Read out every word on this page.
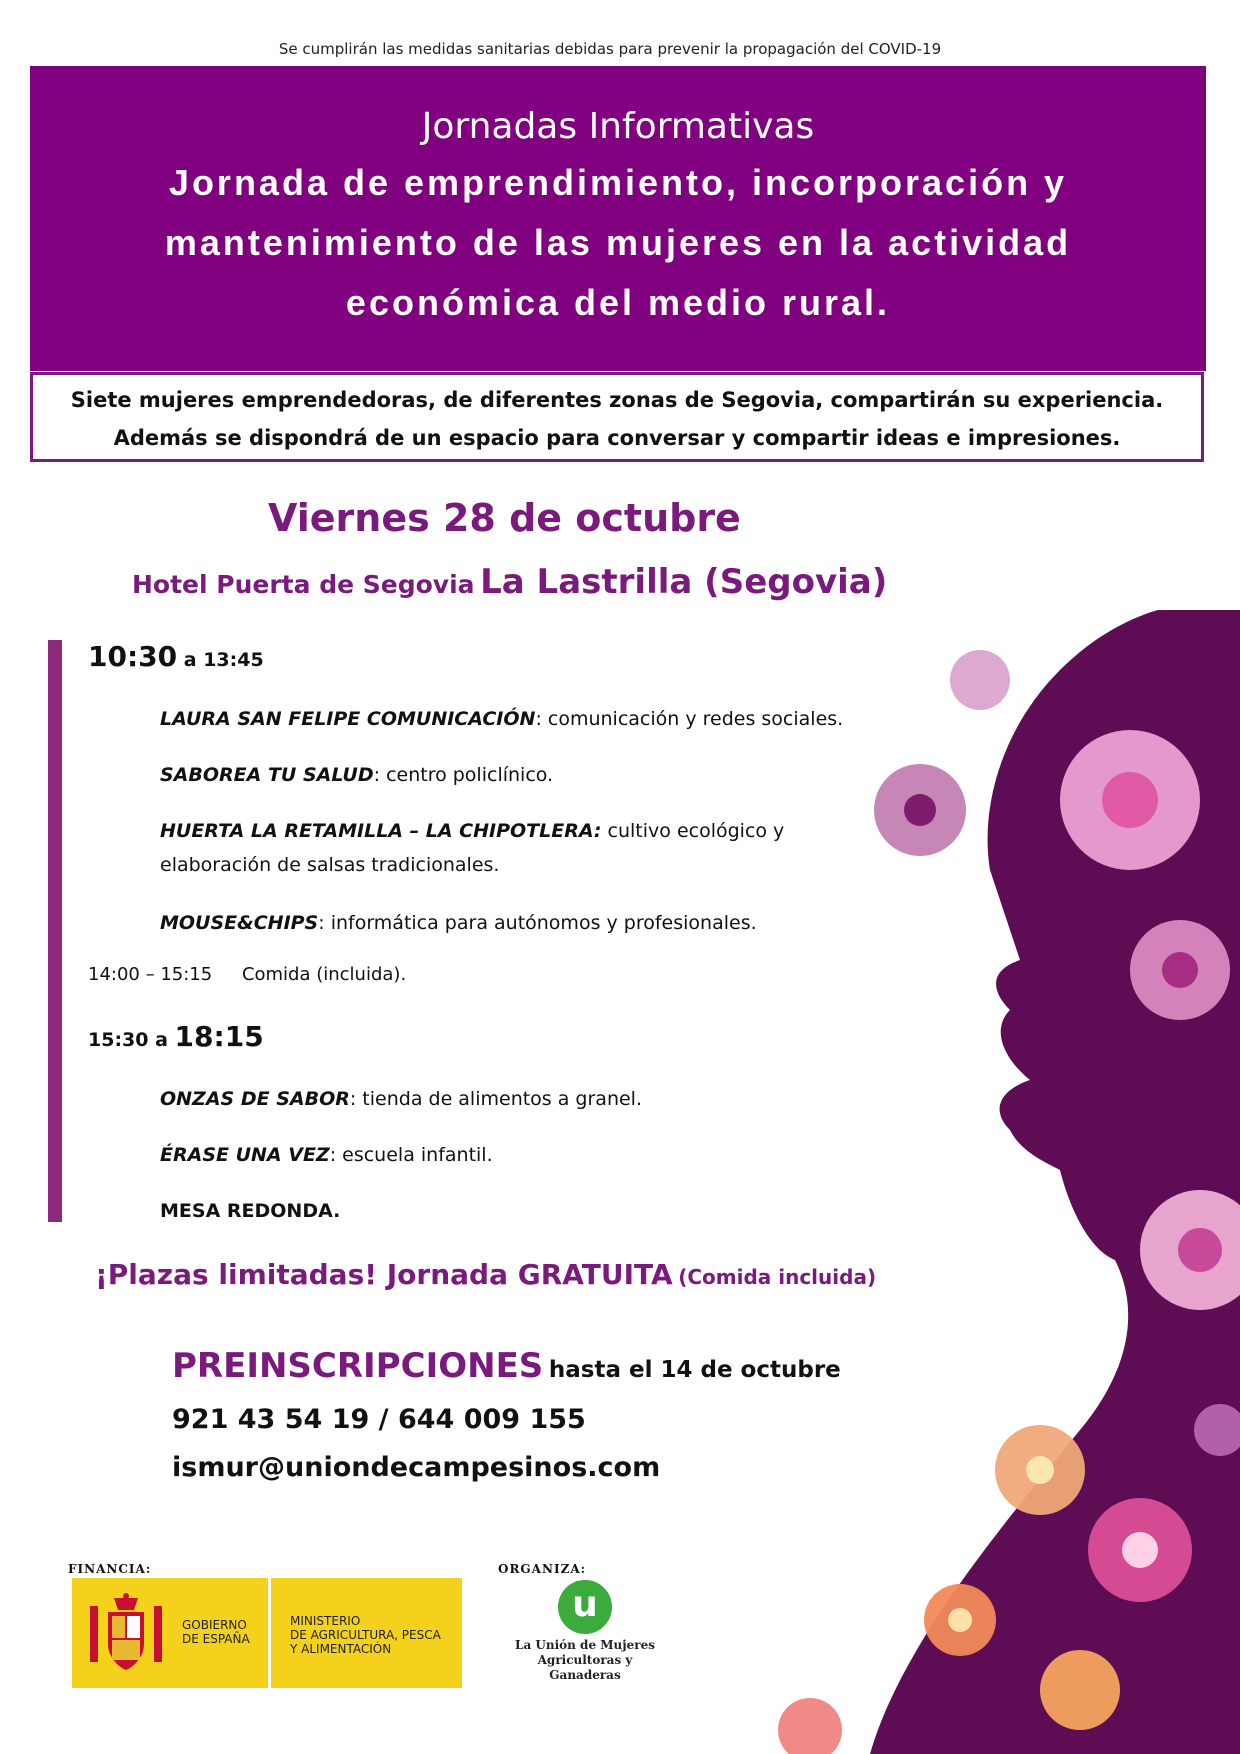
Se cumplirán las medidas sanitarias debidas para prevenir la propagación del COVID-19
Jornadas Informativas
Jornada de emprendimiento, incorporación y
mantenimiento de las mujeres en la actividad
económica del medio rural.
Siete mujeres emprendedoras, de diferentes zonas de Segovia, compartirán su experiencia.
Además se dispondrá de un espacio para conversar y compartir ideas e impresiones.
Viernes 28 de octubre
Hotel Puerta de Segovia La Lastrilla (Segovia)
10:30 a 13:45
LAURA SAN FELIPE COMUNICACIÓN: comunicación y redes sociales.
SABOREA TU SALUD: centro policlínico.
HUERTA LA RETAMILLA – LA CHIPOTLERA: cultivo ecológico y elaboración de salsas tradicionales.
MOUSE&CHIPS: informática para autónomos y profesionales.
14:00 – 15:15 Comida (incluida).
15:30 a 18:15
ONZAS DE SABOR: tienda de alimentos a granel.
ÉRASE UNA VEZ: escuela infantil.
MESA REDONDA.
¡Plazas limitadas! Jornada GRATUITA (Comida incluida)
PREINSCRIPCIONES hasta el 14 de octubre
921 43 54 19 / 644 009 155
ismur@uniondecampesinos.com
FINANCIA:	ORGANIZA:
GOBIERNO
DE ESPAÑA
MINISTERIO
DE AGRICULTURA, PESCA
Y ALIMENTACIÓN
u
La Unión de Mujeres
Agricultoras y Ganaderas
